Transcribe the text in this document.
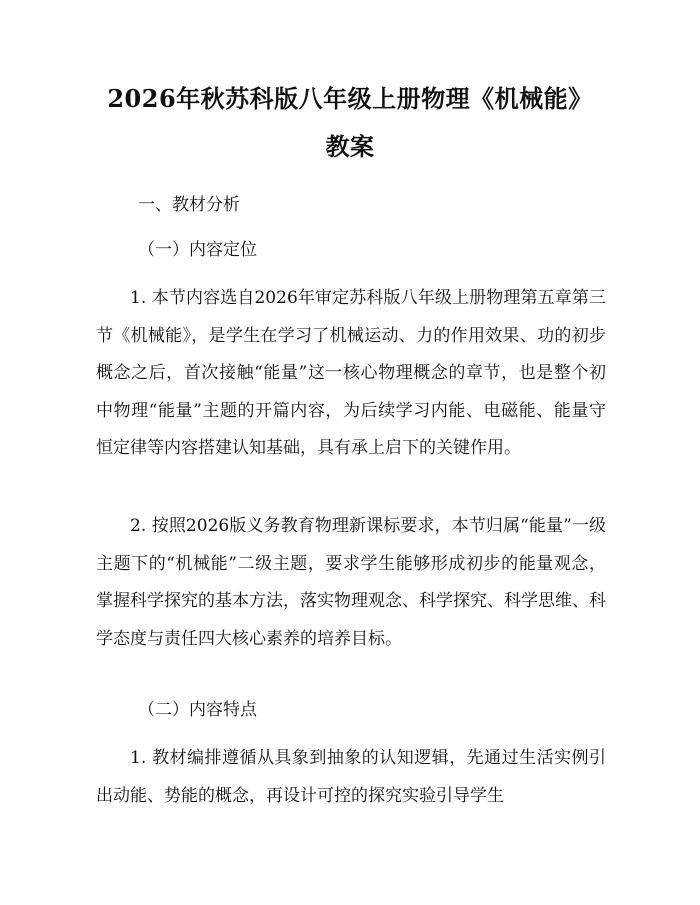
2026年秋苏科版八年级上册物理《机械能》
教案
一、教材分析
（一）内容定位

1. 本节内容选自2026年审定苏科版八年级上册物理第五章第三节《机械能》，是学生在学习了机械运动、力的作用效果、功的初步概念之后，首次接触“能量”这一核心物理概念的章节，也是整个初中物理“能量”主题的开篇内容，为后续学习内能、电磁能、能量守恒定律等内容搭建认知基础，具有承上启下的关键作用。

2. 按照2026版义务教育物理新课标要求，本节归属“能量”一级主题下的“机械能”二级主题，要求学生能够形成初步的能量观念，掌握科学探究的基本方法，落实物理观念、科学探究、科学思维、科学态度与责任四大核心素养的培养目标。

（二）内容特点

1. 教材编排遵循从具象到抽象的认知逻辑，先通过生活实例引出动能、势能的概念，再设计可控的探究实验引导学生
